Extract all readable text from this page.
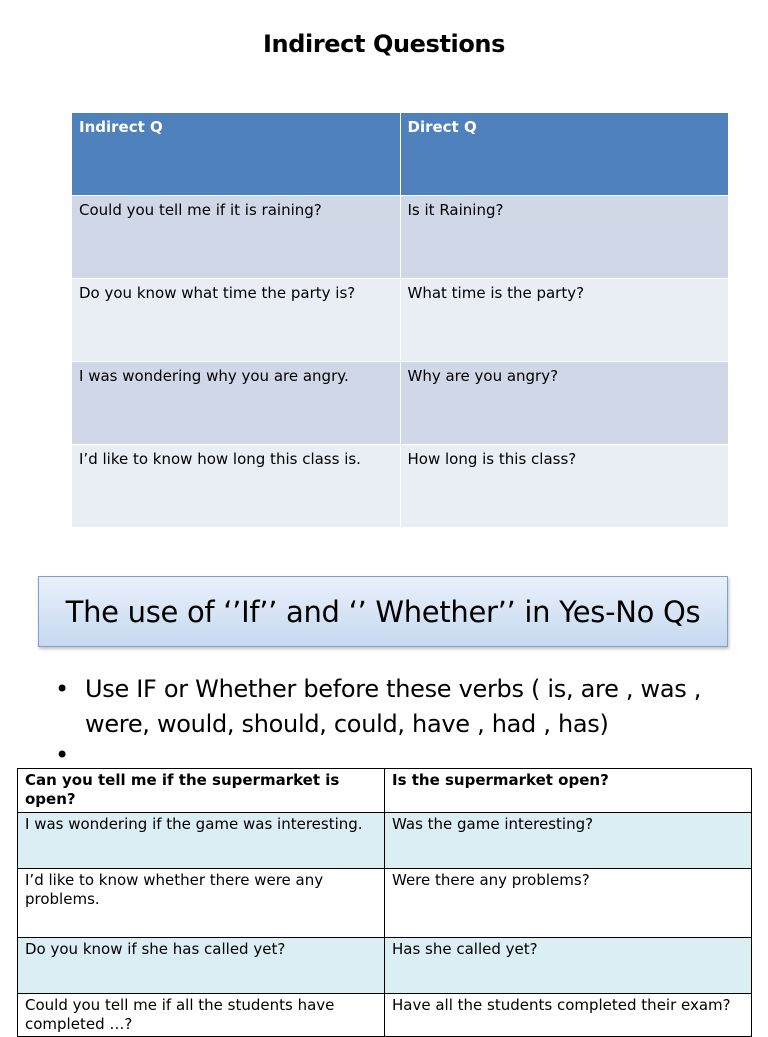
Indirect Questions
Indirect Q	Direct Q
Could you tell me if it is raining?	Is it Raining?
Do you know what time the party is?	What time is the party?
I was wondering why you are angry.	Why are you angry?
I’d like to know how long this class is.	How long is this class?
The use of ‘’If’’ and ‘’ Whether’’ in Yes-No Qs
• Use IF or Whether before these verbs ( is, are , was , were, would, should, could, have , had , has)
•
Can you tell me if the supermarket is open?	Is the supermarket open?
I was wondering if the game was interesting.	Was the game interesting?
I’d like to know whether there were any problems.	Were there any problems?
Do you know if she has called yet?	Has she called yet?
Could you tell me if all the students have completed …?	Have all the students completed their exam?
